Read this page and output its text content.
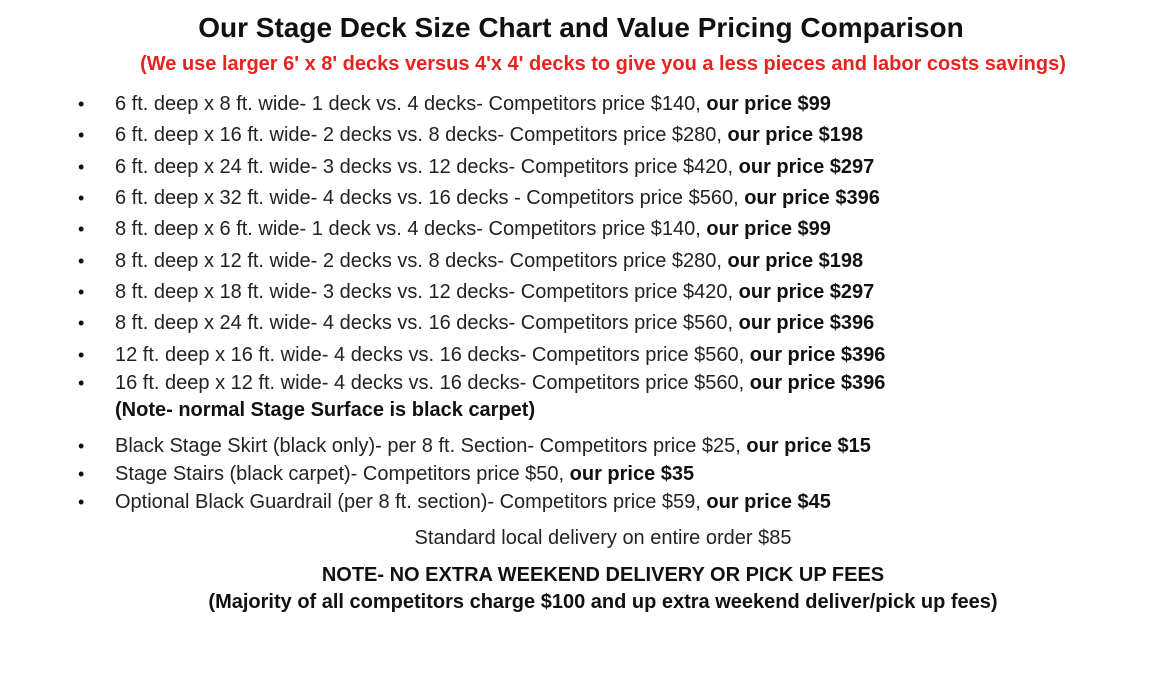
Our Stage Deck Size Chart and Value Pricing Comparison
(We use larger 6' x 8' decks versus 4'x 4' decks to give you a less pieces and labor costs savings)
• 6 ft. deep x 8 ft. wide- 1 deck vs. 4 decks- Competitors price $140, our price $99
• 6 ft. deep x 16 ft. wide- 2 decks vs. 8 decks- Competitors price $280, our price $198
• 6 ft. deep x 24 ft. wide- 3 decks vs. 12 decks- Competitors price $420, our price $297
• 6 ft. deep x 32 ft. wide- 4 decks vs. 16 decks - Competitors price $560, our price $396
• 8 ft. deep x 6 ft. wide- 1 deck vs. 4 decks- Competitors price $140, our price $99
• 8 ft. deep x 12 ft. wide- 2 decks vs. 8 decks- Competitors price $280, our price $198
• 8 ft. deep x 18 ft. wide- 3 decks vs. 12 decks- Competitors price $420, our price $297
• 8 ft. deep x 24 ft. wide- 4 decks vs. 16 decks- Competitors price $560, our price $396
• 12 ft. deep x 16 ft. wide- 4 decks vs. 16 decks- Competitors price $560, our price $396
• 16 ft. deep x 12 ft. wide- 4 decks vs. 16 decks- Competitors price $560, our price $396
(Note- normal Stage Surface is black carpet)
• Black Stage Skirt (black only)- per 8 ft. Section- Competitors price $25, our price $15
• Stage Stairs (black carpet)- Competitors price $50, our price $35
• Optional Black Guardrail (per 8 ft. section)- Competitors price $59, our price $45
Standard local delivery on entire order $85
NOTE- NO EXTRA WEEKEND DELIVERY OR PICK UP FEES
(Majority of all competitors charge $100 and up extra weekend deliver/pick up fees)
